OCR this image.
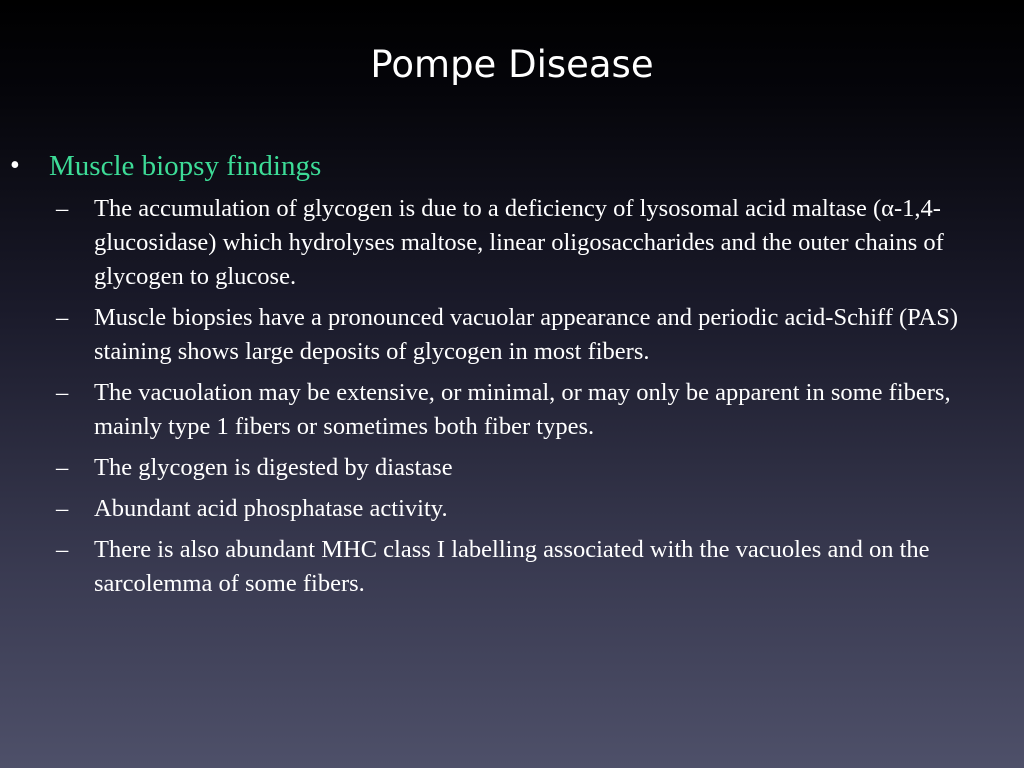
Pompe Disease
• Muscle biopsy findings
– The accumulation of glycogen is due to a deficiency of lysosomal acid maltase (α-1,4-glucosidase) which hydrolyses maltose, linear oligosaccharides and the outer chains of glycogen to glucose.
– Muscle biopsies have a pronounced vacuolar appearance and periodic acid-Schiff (PAS) staining shows large deposits of glycogen in most fibers.
– The vacuolation may be extensive, or minimal, or may only be apparent in some fibers, mainly type 1 fibers or sometimes both fiber types.
– The glycogen is digested by diastase
– Abundant acid phosphatase activity.
– There is also abundant MHC class I labelling associated with the vacuoles and on the sarcolemma of some fibers.
